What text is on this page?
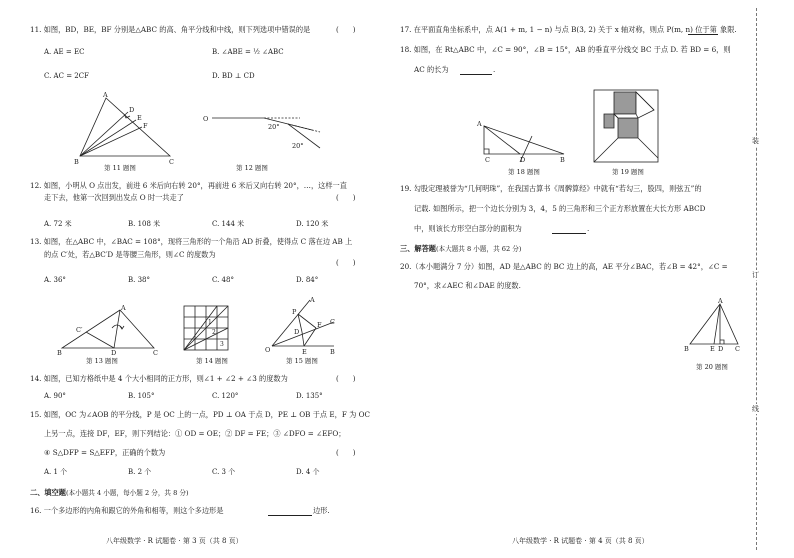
11. 如图，BD，BE，BF 分别是△ABC 的高、角平分线和中线，则下列选项中错误的是	(　　)
A. AE = EC	B. ∠ABE = ½ ∠ABC
C. AC = 2CF	D. BD ⊥ CD
A
D
E
F
B	C
第 11 题图
O
20°
20°
第 12 题图
12. 如图，小明从 O 点出发，前进 6 米后向右转 20°，再前进 6 米后又向右转 20°，…，这样一直
走下去，他第一次回到出发点 O 时一共走了	(　　)
A. 72 米	B. 108 米	C. 144 米	D. 120 米
13. 如图，在△ABC 中，∠BAC = 108°，现将三角形的一个角沿 AD 折叠，使得点 C 落在边 AB 上
的点 C′处，若△BC′D 是等腰三角形，则∠C 的度数为
(　　)
A. 36°	B. 38°	C. 48°	D. 84°
A
C′
B	D	C
第 13 题图
1
2
3
第 14 题图
A
P
F
O
D
E
C
B
第 15 题图
14. 如图，已知方格纸中是 4 个大小相同的正方形，则∠1 + ∠2 + ∠3 的度数为	(　　)
A. 90°	B. 105°	C. 120°	D. 135°
15. 如图，OC 为∠AOB 的平分线，P 是 OC 上的一点，PD ⊥ OA 于点 D，PE ⊥ OB 于点 E，F 为 OC
上另一点，连接 DF，EF，则下列结论：① OD = OE；② DF = FE；③ ∠DFO = ∠EFO；
④ S△DFP = S△EFP，正确的个数为	(　　)
A. 1 个	B. 2 个	C. 3 个	D. 4 个
二、填空题(本小题共 4 小题，每小题 2 分，共 8 分)
16. 一个多边形的内角和跟它的外角和相等，则这个多边形是	边形.
八年级数学 · R 试题卷 · 第 3 页（共 8 页）
17. 在平面直角坐标系中，点 A(1 + m, 1 − n) 与点 B(3, 2) 关于 x 轴对称，则点 P(m, n) 位于第 象限.
18. 如图，在 Rt△ABC 中，∠C = 90°，∠B = 15°，AB 的垂直平分线交 BC 于点 D. 若 BD = 6，则
AC 的长为	.
A
C	D	B
第 18 题图	第 19 题图
19. 勾股定理被誉为“几何明珠”，在我国古算书《周髀算经》中就有“若勾三，股四，则弦五”的
记载. 如图所示，把一个边长分别为 3，4，5 的三角形和三个正方形放置在大长方形 ABCD
中，则该长方形空白部分的面积为	.
三、解答题(本大题共 8 小题，共 62 分)
20.（本小题满分 7 分）如图，AD 是△ABC 的 BC 边上的高，AE 平分∠BAC，若∠B = 42°，∠C =
70°，求∠AEC 和∠DAE 的度数.
A
B	E D C
第 20 题图
八年级数学 · R 试题卷 · 第 4 页（共 8 页）
装
订
线
